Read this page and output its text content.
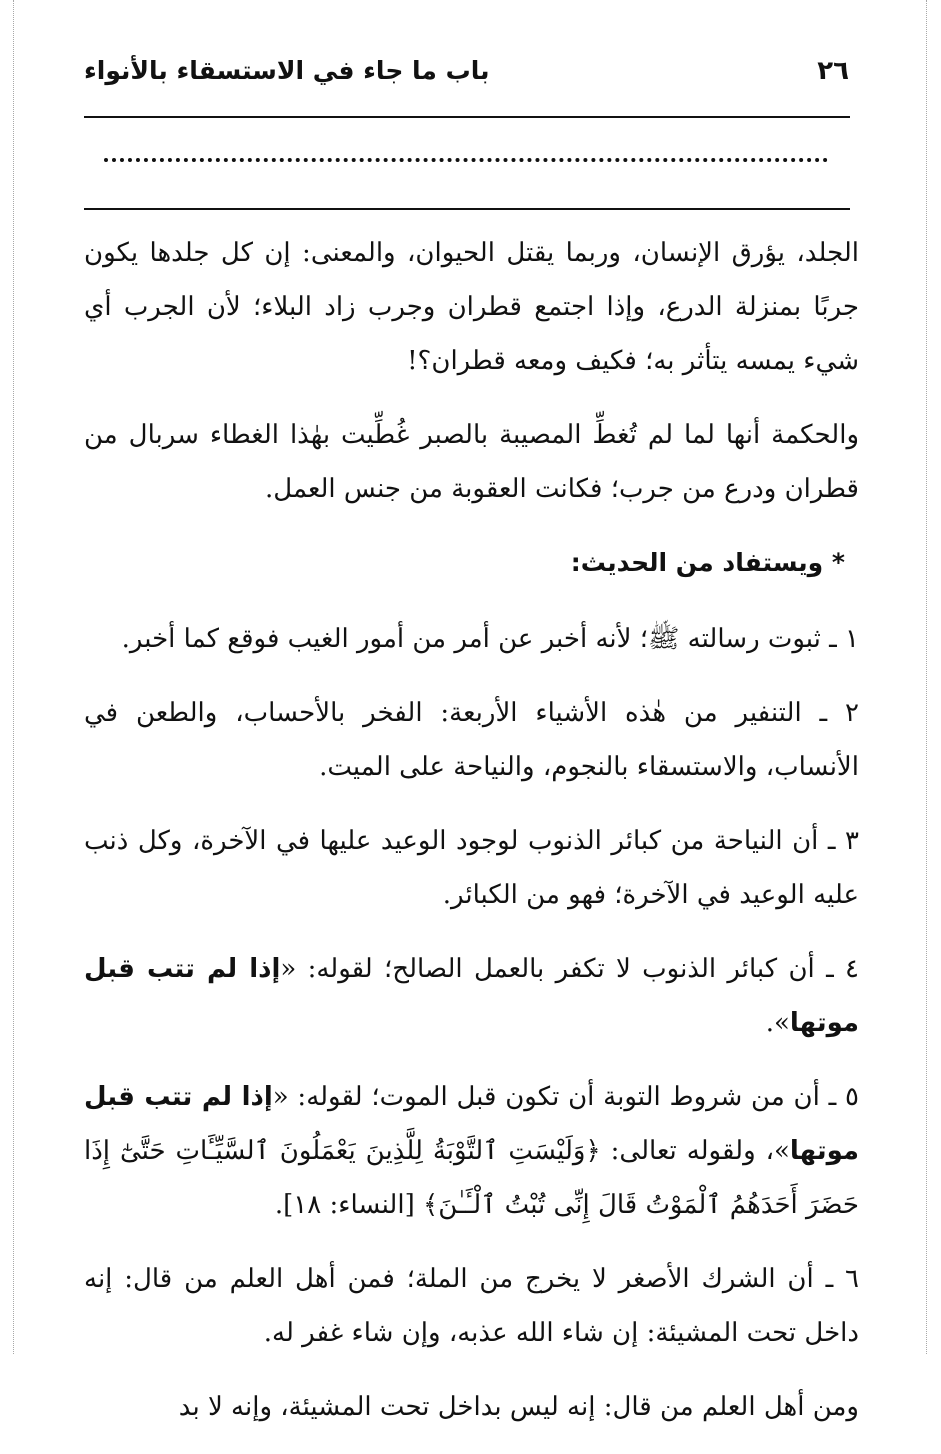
٢٦
باب ما جاء في الاستسقاء بالأنواء

الجلد، يؤرق الإنسان، وربما يقتل الحيوان، والمعنى: إن كل جلدها يكون جربًا بمنزلة الدرع، وإذا اجتمع قطران وجرب زاد البلاء؛ لأن الجرب أي شيء يمسه يتأثر به؛ فكيف ومعه قطران؟!

والحكمة أنها لما لم تُغطِّ المصيبة بالصبر غُطِّيت بهٰذا الغطاء سربال من قطران ودرع من جرب؛ فكانت العقوبة من جنس العمل.

* ويستفاد من الحديث:

١ ـ ثبوت رسالته ﷺ؛ لأنه أخبر عن أمر من أمور الغيب فوقع كما أخبر.

٢ ـ التنفير من هٰذه الأشياء الأربعة: الفخر بالأحساب، والطعن في الأنساب، والاستسقاء بالنجوم، والنياحة على الميت.

٣ ـ أن النياحة من كبائر الذنوب لوجود الوعيد عليها في الآخرة، وكل ذنب عليه الوعيد في الآخرة؛ فهو من الكبائر.

٤ ـ أن كبائر الذنوب لا تكفر بالعمل الصالح؛ لقوله: «إذا لم تتب قبل موتها».

٥ ـ أن من شروط التوبة أن تكون قبل الموت؛ لقوله: «إذا لم تتب قبل موتها»، ولقوله تعالى: ﴿وَلَيْسَتِ ٱلتَّوْبَةُ لِلَّذِينَ يَعْمَلُونَ ٱلسَّيِّـَٔاتِ حَتَّىٰٓ إِذَا حَضَرَ أَحَدَهُمُ ٱلْمَوْتُ قَالَ إِنِّى تُبْتُ ٱلْـَٔـٰنَ﴾ [النساء: ١٨].

٦ ـ أن الشرك الأصغر لا يخرج من الملة؛ فمن أهل العلم من قال: إنه داخل تحت المشيئة: إن شاء الله عذبه، وإن شاء غفر له.

ومن أهل العلم من قال: إنه ليس بداخل تحت المشيئة، وإنه لا بد
